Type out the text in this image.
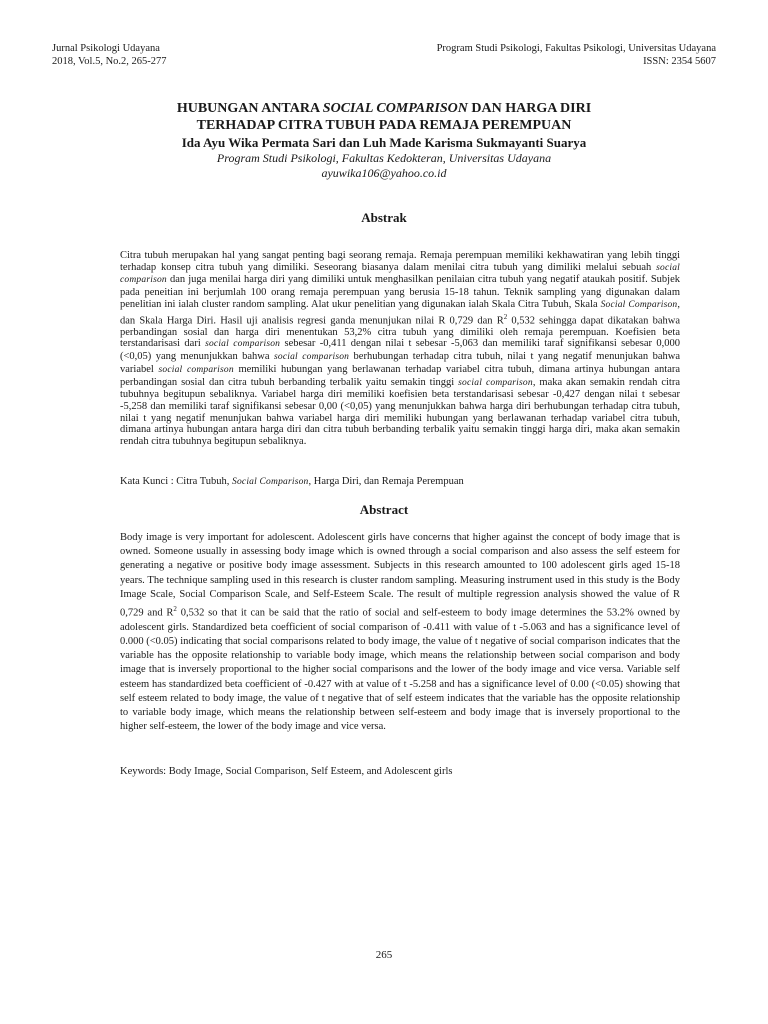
Jurnal Psikologi Udayana
2018, Vol.5, No.2, 265-277
Program Studi Psikologi, Fakultas Psikologi, Universitas Udayana
ISSN: 2354 5607
HUBUNGAN ANTARA SOCIAL COMPARISON DAN HARGA DIRI
TERHADAP CITRA TUBUH PADA REMAJA PEREMPUAN
Ida Ayu Wika Permata Sari dan Luh Made Karisma Sukmayanti Suarya
Program Studi Psikologi, Fakultas Kedokteran, Universitas Udayana
ayuwika106@yahoo.co.id
Abstrak
Citra tubuh merupakan hal yang sangat penting bagi seorang remaja. Remaja perempuan memiliki kekhawatiran yang lebih tinggi terhadap konsep citra tubuh yang dimiliki. Seseorang biasanya dalam menilai citra tubuh yang dimiliki melalui sebuah social comparison dan juga menilai harga diri yang dimiliki untuk menghasilkan penilaian citra tubuh yang negatif ataukah positif. Subjek pada peneitian ini berjumlah 100 orang remaja perempuan yang berusia 15-18 tahun. Teknik sampling yang digunakan dalam penelitian ini ialah cluster random sampling. Alat ukur penelitian yang digunakan ialah Skala Citra Tubuh, Skala Social Comparison, dan Skala Harga Diri. Hasil uji analisis regresi ganda menunjukan nilai R 0,729 dan $R^2$ 0,532 sehingga dapat dikatakan bahwa perbandingan sosial dan harga diri menentukan 53,2% citra tubuh yang dimiliki oleh remaja perempuan. Koefisien beta terstandarisasi dari social comparison sebesar -0,411 dengan nilai t sebesar -5,063 dan memiliki taraf signifikansi sebesar 0,000 (<0,05) yang menunjukkan bahwa social comparison berhubungan terhadap citra tubuh, nilai t yang negatif menunjukan bahwa variabel social comparison memiliki hubungan yang berlawanan terhadap variabel citra tubuh, dimana artinya hubungan antara perbandingan sosial dan citra tubuh berbanding terbalik yaitu semakin tinggi social comparison, maka akan semakin rendah citra tubuhnya begitupun sebaliknya. Variabel harga diri memiliki koefisien beta terstandarisasi sebesar -0,427 dengan nilai t sebesar -5,258 dan memiliki taraf signifikansi sebesar 0,00 (<0,05) yang menunjukkan bahwa harga diri berhubungan terhadap citra tubuh, nilai t yang negatif menunjukan bahwa variabel harga diri memiliki hubungan yang berlawanan terhadap variabel citra tubuh, dimana artinya hubungan antara harga diri dan citra tubuh berbanding terbalik yaitu semakin tinggi harga diri, maka akan semakin rendah citra tubuhnya begitupun sebaliknya.
Kata Kunci : Citra Tubuh, Social Comparison, Harga Diri, dan Remaja Perempuan
Abstract
Body image is very important for adolescent. Adolescent girls have concerns that higher against the concept of body image that is owned. Someone usually in assessing body image which is owned through a social comparison and also assess the self esteem for generating a negative or positive body image assessment. Subjects in this research amounted to 100 adolescent girls aged 15-18 years. The technique sampling used in this research is cluster random sampling. Measuring instrument used in this study is the Body Image Scale, Social Comparison Scale, and Self-Esteem Scale. The result of multiple regression analysis showed the value of R 0,729 and $R^2$ 0,532 so that it can be said that the ratio of social and self-esteem to body image determines the 53.2% owned by adolescent girls. Standardized beta coefficient of social comparison of -0.411 with value of t -5.063 and has a significance level of 0.000 (<0.05) indicating that social comparisons related to body image, the value of t negative of social comparison indicates that the variable has the opposite relationship to variable body image, which means the relationship between social comparison and body image that is inversely proportional to the higher social comparisons and the lower of the body image and vice versa. Variable self esteem has standardized beta coefficient of -0.427 with at value of t -5.258 and has a significance level of 0.00 (<0.05) showing that self esteem related to body image, the value of t negative that of self esteem indicates that the variable has the opposite relationship to variable body image, which means the relationship between self-esteem and body image that is inversely proportional to the higher self-esteem, the lower of the body image and vice versa.
Keywords: Body Image, Social Comparison, Self Esteem, and Adolescent girls
265
